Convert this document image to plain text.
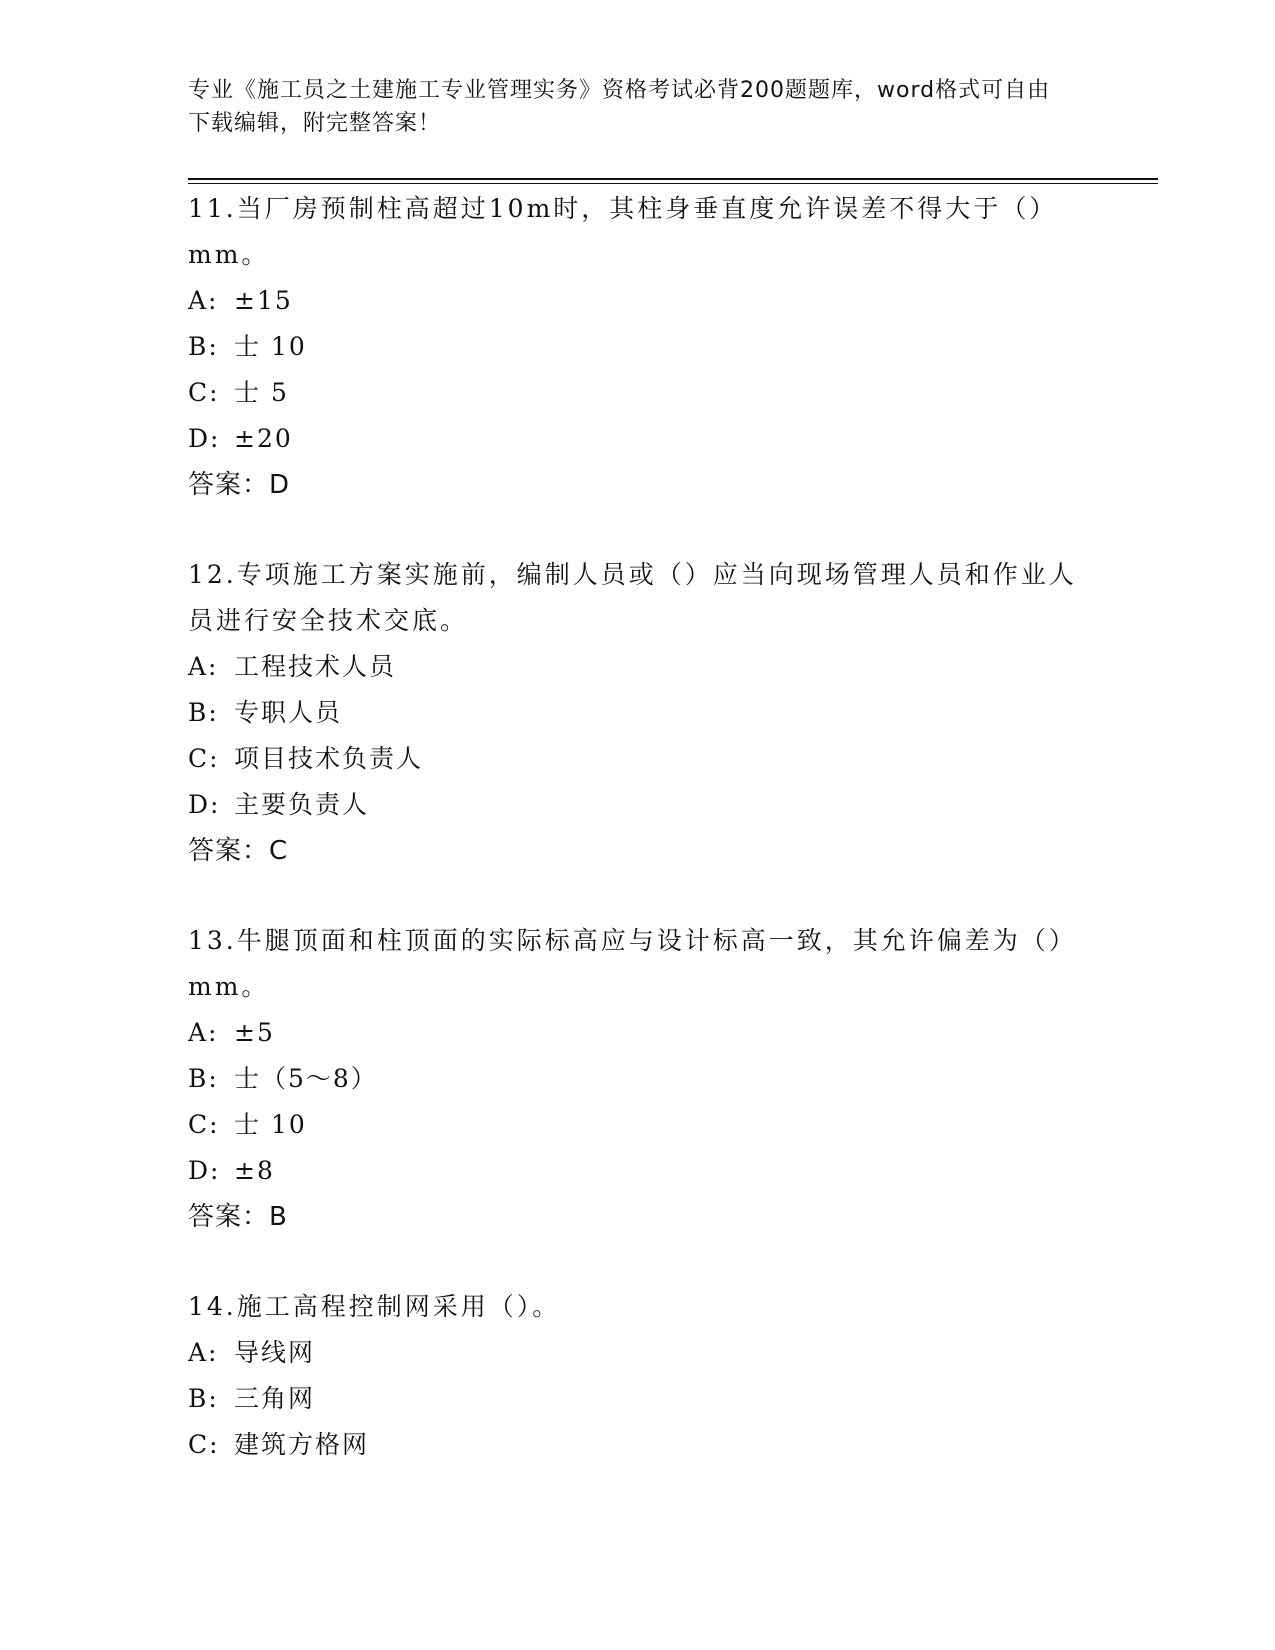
专业《施工员之土建施工专业管理实务》资格考试必背200题题库，word格式可自由下载编辑，附完整答案！
11.当厂房预制柱高超过10m时，其柱身垂直度允许误差不得大于（）mm。
A: ±15
B: 士 10
C: 士 5
D: ±20
答案：D
12.专项施工方案实施前，编制人员或（）应当向现场管理人员和作业人员进行安全技术交底。
A: 工程技术人员
B: 专职人员
C: 项目技术负责人
D: 主要负责人
答案：C
13.牛腿顶面和柱顶面的实际标高应与设计标高一致，其允许偏差为（）mm。
A: ±5
B: 士（5～8）
C: 士 10
D: ±8
答案：B
14.施工高程控制网采用（）。
A: 导线网
B: 三角网
C: 建筑方格网
